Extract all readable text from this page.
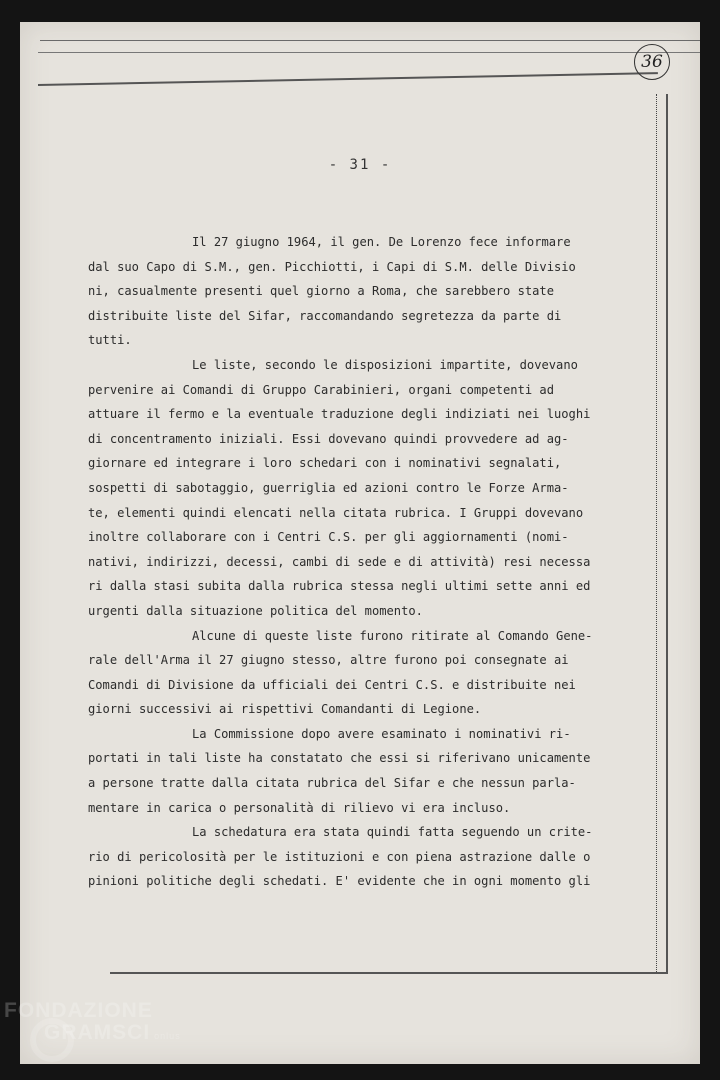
36
- 31 -
Il 27 giugno 1964, il gen. De Lorenzo fece informare
dal suo Capo di S.M., gen. Picchiotti, i Capi di S.M. delle Divisio
ni, casualmente presenti quel giorno a Roma, che sarebbero state
distribuite liste del Sifar, raccomandando segretezza da parte di
tutti.
Le liste, secondo le disposizioni impartite, dovevano
pervenire ai Comandi di Gruppo Carabinieri, organi competenti ad
attuare il fermo e la eventuale traduzione degli indiziati nei luoghi
di concentramento iniziali. Essi dovevano quindi provvedere ad ag-
giornare ed integrare i loro schedari con i nominativi segnalati,
sospetti di sabotaggio, guerriglia ed azioni contro le Forze Arma-
te, elementi quindi elencati nella citata rubrica. I Gruppi dovevano
inoltre collaborare con i Centri C.S. per gli aggiornamenti (nomi-
nativi, indirizzi, decessi, cambi di sede e di attività) resi necessa
ri dalla stasi subita dalla rubrica stessa negli ultimi sette anni ed
urgenti dalla situazione politica del momento.
Alcune di queste liste furono ritirate al Comando Gene-
rale dell'Arma il 27 giugno stesso, altre furono poi consegnate ai
Comandi di Divisione da ufficiali dei Centri C.S. e distribuite nei
giorni successivi ai rispettivi Comandanti di Legione.
La Commissione dopo avere esaminato i nominativi ri-
portati in tali liste ha constatato che essi si riferivano unicamente
a persone tratte dalla citata rubrica del Sifar e che nessun parla-
mentare in carica o personalità di rilievo vi era incluso.
La schedatura era stata quindi fatta seguendo un crite-
rio di pericolosità per le istituzioni e con piena astrazione dalle o
pinioni politiche degli schedati. E' evidente che in ogni momento gli
FONDAZIONE
GRAMSCI onlus
